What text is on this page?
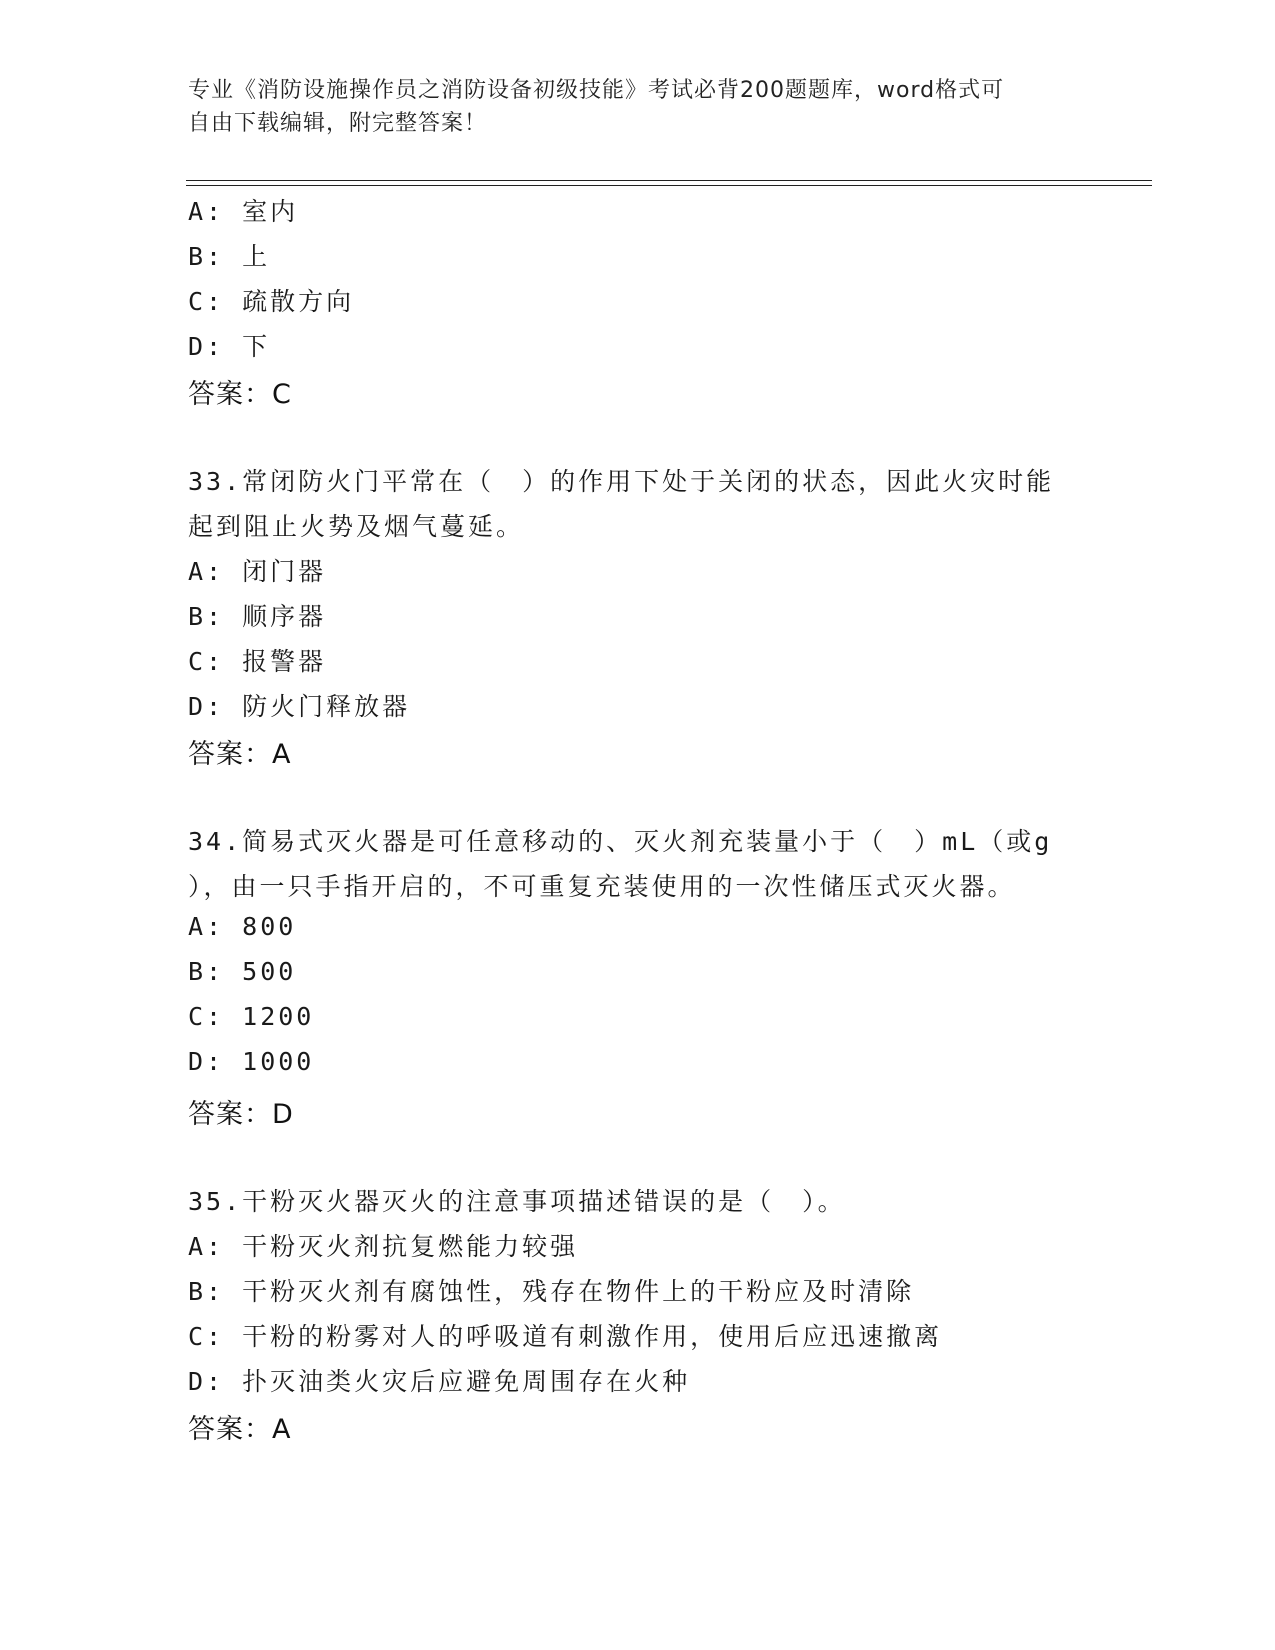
专业《消防设施操作员之消防设备初级技能》考试必背200题题库，word格式可
自由下载编辑，附完整答案！
A: 室内
B: 上
C: 疏散方向
D: 下
答案：C
33.常闭防火门平常在（　）的作用下处于关闭的状态，因此火灾时能
起到阻止火势及烟气蔓延。
A: 闭门器
B: 顺序器
C: 报警器
D: 防火门释放器
答案：A
34.简易式灭火器是可任意移动的、灭火剂充装量小于（　）mL（或g
），由一只手指开启的，不可重复充装使用的一次性储压式灭火器。
A: 800
B: 500
C: 1200
D: 1000
答案：D
35.干粉灭火器灭火的注意事项描述错误的是（　）。
A: 干粉灭火剂抗复燃能力较强
B: 干粉灭火剂有腐蚀性，残存在物件上的干粉应及时清除
C: 干粉的粉雾对人的呼吸道有刺激作用，使用后应迅速撤离
D: 扑灭油类火灾后应避免周围存在火种
答案：A
